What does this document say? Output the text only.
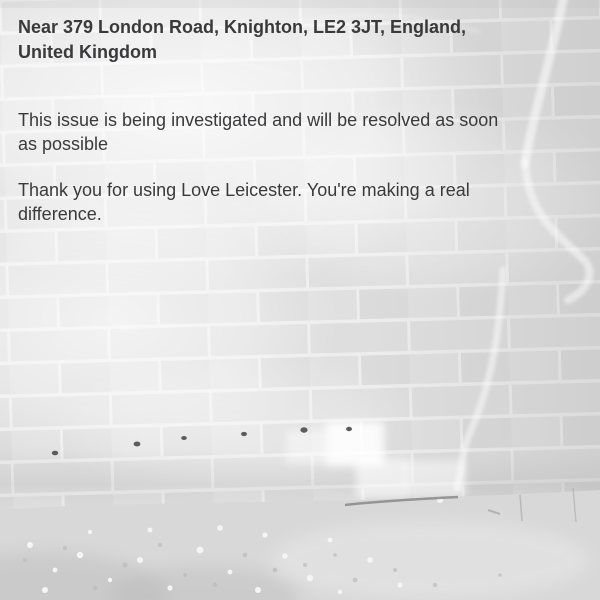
Near 379 London Road, Knighton, LE2 3JT, England,
United Kingdom

This issue is being investigated and will be resolved as soon
as possible

Thank you for using Love Leicester. You're making a real
difference.
